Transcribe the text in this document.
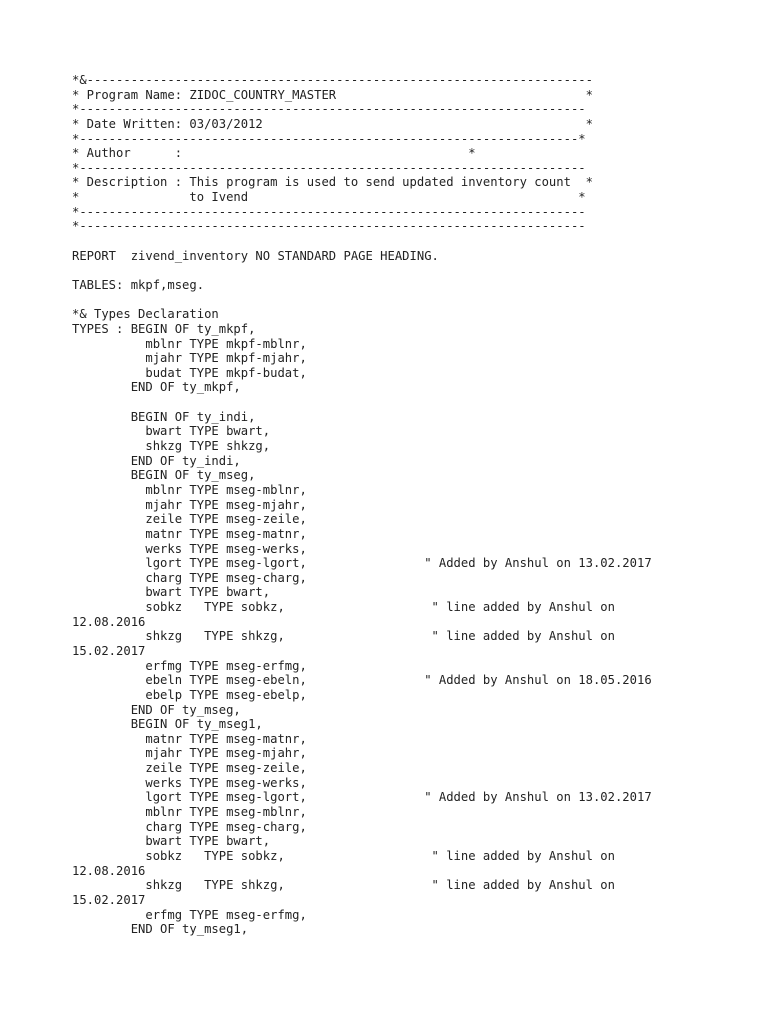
*&---------------------------------------------------------------------
* Program Name: ZIDOC_COUNTRY_MASTER                                  *
*---------------------------------------------------------------------
* Date Written: 03/03/2012                                            *
*--------------------------------------------------------------------*
* Author      :                                       *
*---------------------------------------------------------------------
* Description : This program is used to send updated inventory count  *
*               to Ivend                                             *
*---------------------------------------------------------------------
*---------------------------------------------------------------------
REPORT  zivend_inventory NO STANDARD PAGE HEADING.
TABLES: mkpf,mseg.
*& Types Declaration
TYPES : BEGIN OF ty_mkpf,
mblnr TYPE mkpf-mblnr,
mjahr TYPE mkpf-mjahr,
budat TYPE mkpf-budat,
END OF ty_mkpf,
BEGIN OF ty_indi,
bwart TYPE bwart,
shkzg TYPE shkzg,
END OF ty_indi,
BEGIN OF ty_mseg,
mblnr TYPE mseg-mblnr,
mjahr TYPE mseg-mjahr,
zeile TYPE mseg-zeile,
matnr TYPE mseg-matnr,
werks TYPE mseg-werks,
lgort TYPE mseg-lgort,                " Added by Anshul on 13.02.2017
charg TYPE mseg-charg,
bwart TYPE bwart,
sobkz   TYPE sobkz,                    " line added by Anshul on
12.08.2016
shkzg   TYPE shkzg,                    " line added by Anshul on
15.02.2017
erfmg TYPE mseg-erfmg,
ebeln TYPE mseg-ebeln,                " Added by Anshul on 18.05.2016
ebelp TYPE mseg-ebelp,
END OF ty_mseg,
BEGIN OF ty_mseg1,
matnr TYPE mseg-matnr,
mjahr TYPE mseg-mjahr,
zeile TYPE mseg-zeile,
werks TYPE mseg-werks,
lgort TYPE mseg-lgort,                " Added by Anshul on 13.02.2017
mblnr TYPE mseg-mblnr,
charg TYPE mseg-charg,
bwart TYPE bwart,
sobkz   TYPE sobkz,                    " line added by Anshul on
12.08.2016
shkzg   TYPE shkzg,                    " line added by Anshul on
15.02.2017
erfmg TYPE mseg-erfmg,
END OF ty_mseg1,
